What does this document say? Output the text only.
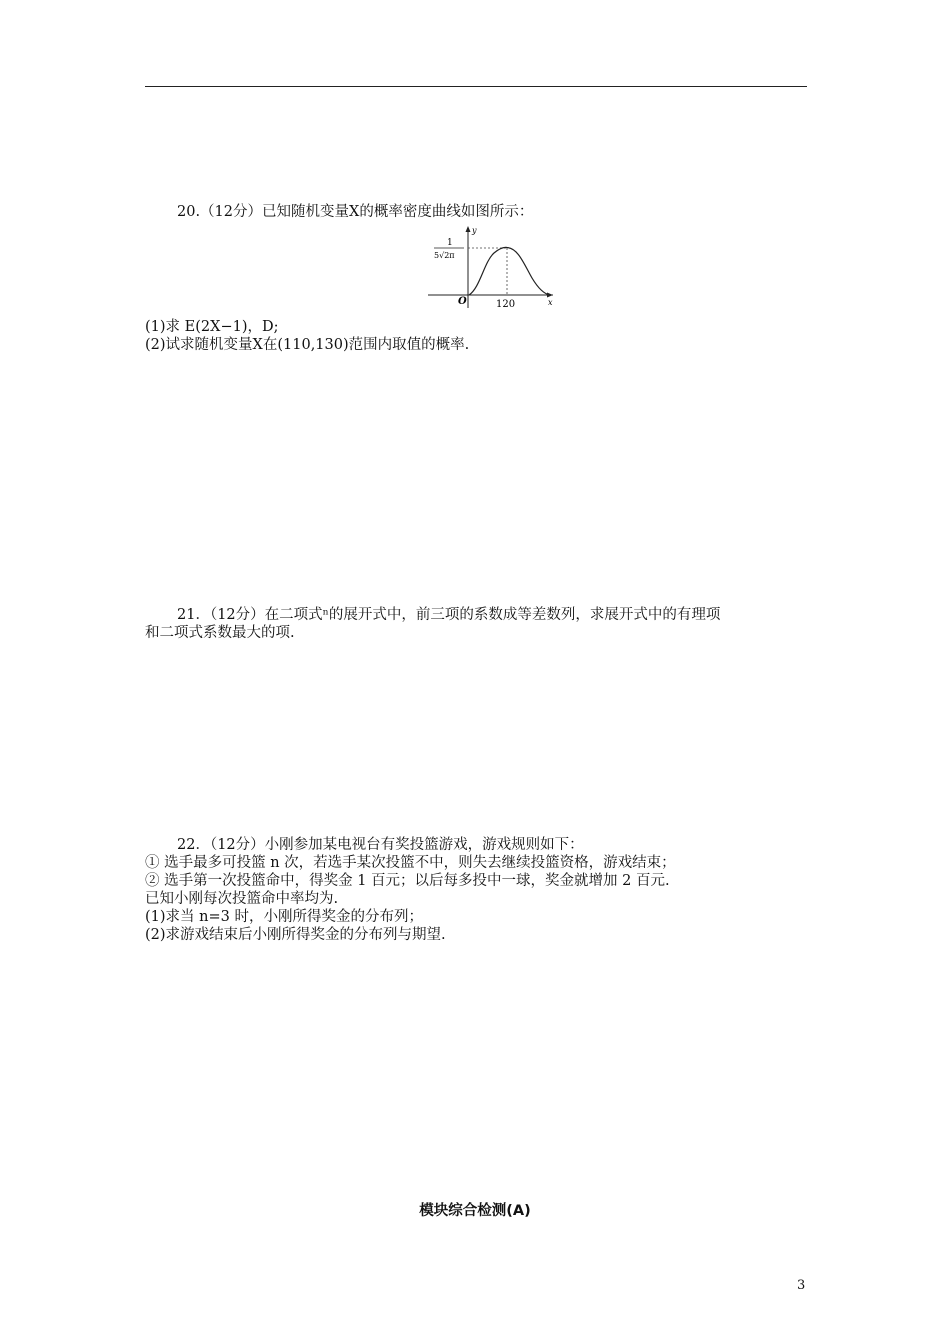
20.（12分）已知随机变量X的概率密度曲线如图所示：
y
x
O	120
1
5√2π
(1)求 E(2X−1)，D;
(2)试求随机变量X在(110,130)范围内取值的概率.
21．（12分）在二项式ⁿ的展开式中，前三项的系数成等差数列，求展开式中的有理项
和二项式系数最大的项.
22．（12分）小刚参加某电视台有奖投篮游戏，游戏规则如下：
① 选手最多可投篮 n 次，若选手某次投篮不中，则失去继续投篮资格，游戏结束；
② 选手第一次投篮命中，得奖金 1 百元；以后每多投中一球，奖金就增加 2 百元.
已知小刚每次投篮命中率均为.
(1)求当 n=3 时，小刚所得奖金的分布列；
(2)求游戏结束后小刚所得奖金的分布列与期望.
模块综合检测(A)
3
